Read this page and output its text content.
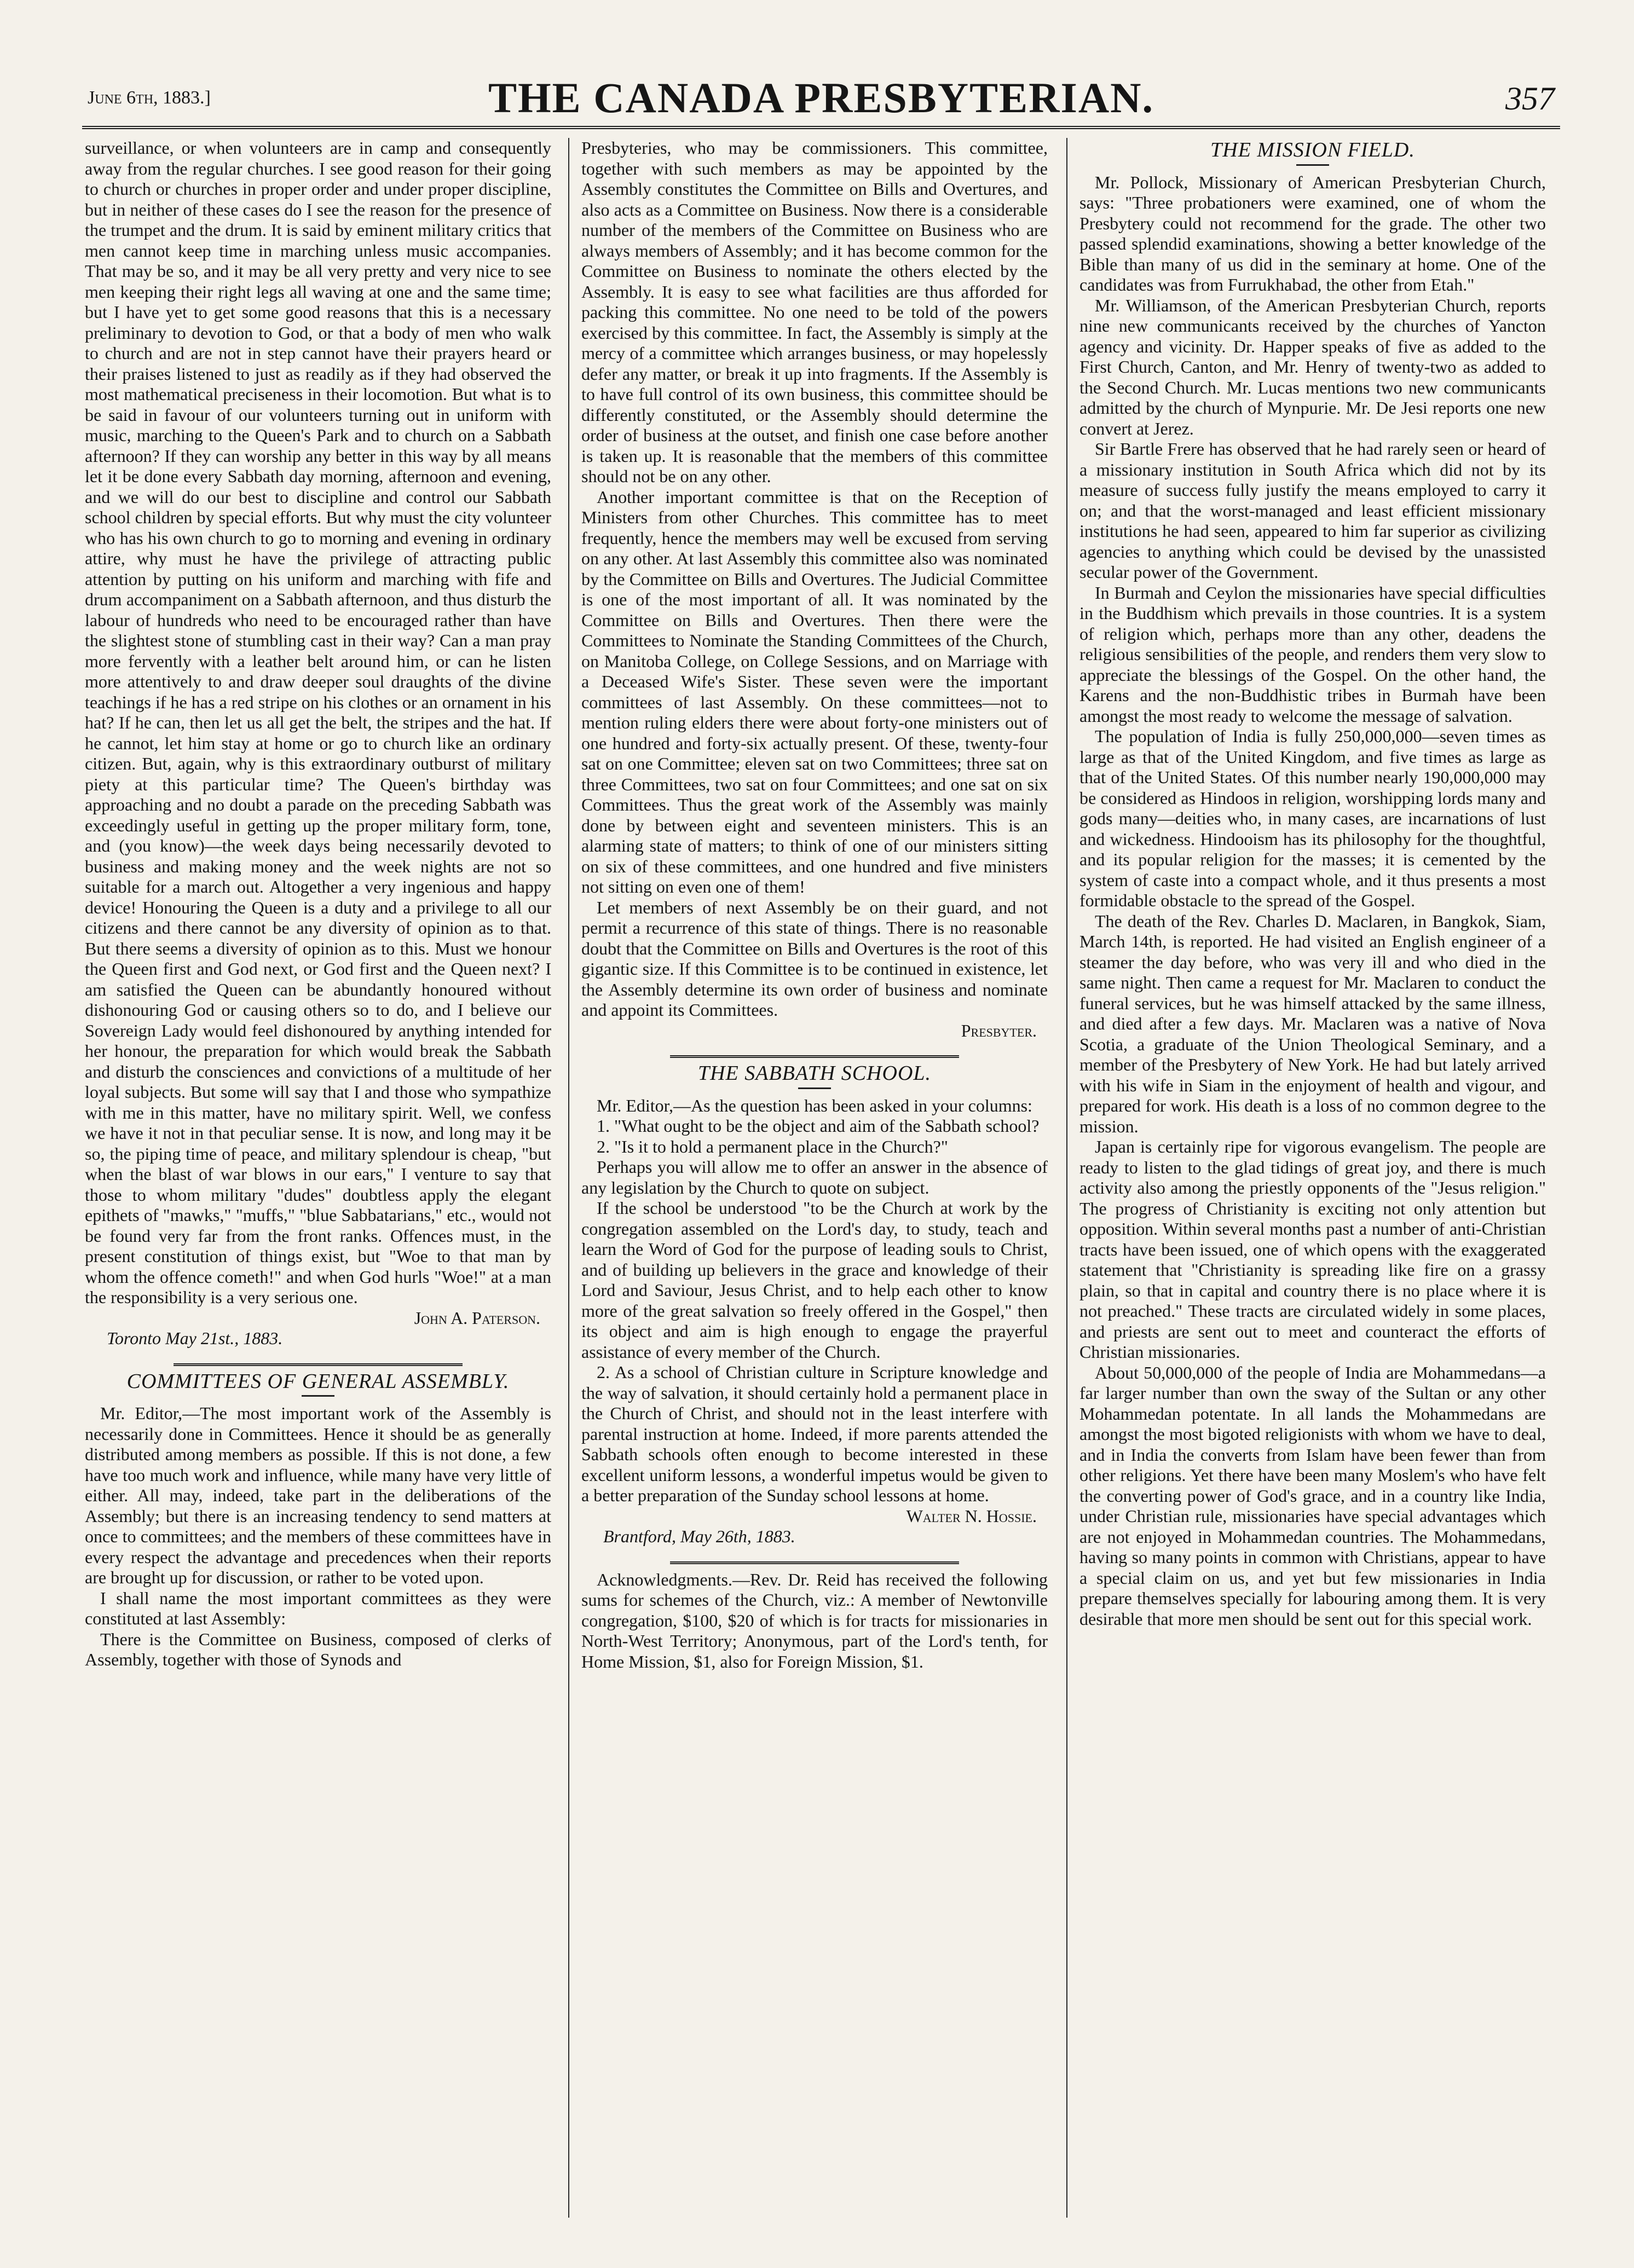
June 6th, 1883.]	THE CANADA PRESBYTERIAN.	357

surveillance, or when volunteers are in camp and consequently away from the regular churches. I see good reason for their going to church or churches in proper order and under proper discipline, but in neither of these cases do I see the reason for the presence of the trumpet and the drum. It is said by eminent military critics that men cannot keep time in marching unless music accompanies. That may be so, and it may be all very pretty and very nice to see men keeping their right legs all waving at one and the same time; but I have yet to get some good reasons that this is a necessary preliminary to devotion to God, or that a body of men who walk to church and are not in step cannot have their prayers heard or their praises listened to just as readily as if they had observed the most mathematical preciseness in their locomotion. But what is to be said in favour of our volunteers turning out in uniform with music, marching to the Queen's Park and to church on a Sabbath afternoon? If they can worship any better in this way by all means let it be done every Sabbath day morning, afternoon and evening, and we will do our best to discipline and control our Sabbath school children by special efforts. But why must the city volunteer who has his own church to go to morning and evening in ordinary attire, why must he have the privilege of attracting public attention by putting on his uniform and marching with fife and drum accompaniment on a Sabbath afternoon, and thus disturb the labour of hundreds who need to be encouraged rather than have the slightest stone of stumbling cast in their way? Can a man pray more fervently with a leather belt around him, or can he listen more attentively to and draw deeper soul draughts of the divine teachings if he has a red stripe on his clothes or an ornament in his hat? If he can, then let us all get the belt, the stripes and the hat. If he cannot, let him stay at home or go to church like an ordinary citizen. But, again, why is this extraordinary outburst of military piety at this particular time? The Queen's birthday was approaching and no doubt a parade on the preceding Sabbath was exceedingly useful in getting up the proper military form, tone, and (you know)—the week days being necessarily devoted to business and making money and the week nights are not so suitable for a march out. Altogether a very ingenious and happy device! Honouring the Queen is a duty and a privilege to all our citizens and there cannot be any diversity of opinion as to that. But there seems a diversity of opinion as to this. Must we honour the Queen first and God next, or God first and the Queen next? I am satisfied the Queen can be abundantly honoured without dishonouring God or causing others so to do, and I believe our Sovereign Lady would feel dishonoured by anything intended for her honour, the preparation for which would break the Sabbath and disturb the consciences and convictions of a multitude of her loyal subjects. But some will say that I and those who sympathize with me in this matter, have no military spirit. Well, we confess we have it not in that peculiar sense. It is now, and long may it be so, the piping time of peace, and military splendour is cheap, "but when the blast of war blows in our ears," I venture to say that those to whom military "dudes" doubtless apply the elegant epithets of "mawks," "muffs," "blue Sabbatarians," etc., would not be found very far from the front ranks. Offences must, in the present constitution of things exist, but "Woe to that man by whom the offence cometh!" and when God hurls "Woe!" at a man the responsibility is a very serious one.

John A. Paterson.
Toronto May 21st., 1883.
COMMITTEES OF GENERAL ASSEMBLY.

Mr. Editor,—The most important work of the Assembly is necessarily done in Committees. Hence it should be as generally distributed among members as possible. If this is not done, a few have too much work and influence, while many have very little of either. All may, indeed, take part in the deliberations of the Assembly; but there is an increasing tendency to send matters at once to committees; and the members of these committees have in every respect the advantage and precedences when their reports are brought up for discussion, or rather to be voted upon.

I shall name the most important committees as they were constituted at last Assembly:

There is the Committee on Business, composed of clerks of Assembly, together with those of Synods and

Presbyteries, who may be commissioners. This committee, together with such members as may be appointed by the Assembly constitutes the Committee on Bills and Overtures, and also acts as a Committee on Business. Now there is a considerable number of the members of the Committee on Business who are always members of Assembly; and it has become common for the Committee on Business to nominate the others elected by the Assembly. It is easy to see what facilities are thus afforded for packing this committee. No one need to be told of the powers exercised by this committee. In fact, the Assembly is simply at the mercy of a committee which arranges business, or may hopelessly defer any matter, or break it up into fragments. If the Assembly is to have full control of its own business, this committee should be differently constituted, or the Assembly should determine the order of business at the outset, and finish one case before another is taken up. It is reasonable that the members of this committee should not be on any other.

Another important committee is that on the Reception of Ministers from other Churches. This committee has to meet frequently, hence the members may well be excused from serving on any other. At last Assembly this committee also was nominated by the Committee on Bills and Overtures. The Judicial Committee is one of the most important of all. It was nominated by the Committee on Bills and Overtures. Then there were the Committees to Nominate the Standing Committees of the Church, on Manitoba College, on College Sessions, and on Marriage with a Deceased Wife's Sister. These seven were the important committees of last Assembly. On these committees—not to mention ruling elders there were about forty-one ministers out of one hundred and forty-six actually present. Of these, twenty-four sat on one Committee; eleven sat on two Committees; three sat on three Committees, two sat on four Committees; and one sat on six Committees. Thus the great work of the Assembly was mainly done by between eight and seventeen ministers. This is an alarming state of matters; to think of one of our ministers sitting on six of these committees, and one hundred and five ministers not sitting on even one of them!

Let members of next Assembly be on their guard, and not permit a recurrence of this state of things. There is no reasonable doubt that the Committee on Bills and Overtures is the root of this gigantic size. If this Committee is to be continued in existence, let the Assembly determine its own order of business and nominate and appoint its Committees.

Presbyter.
THE SABBATH SCHOOL.

Mr. Editor,—As the question has been asked in your columns:

1. "What ought to be the object and aim of the Sabbath school?

2. "Is it to hold a permanent place in the Church?"

Perhaps you will allow me to offer an answer in the absence of any legislation by the Church to quote on subject.

If the school be understood "to be the Church at work by the congregation assembled on the Lord's day, to study, teach and learn the Word of God for the purpose of leading souls to Christ, and of building up believers in the grace and knowledge of their Lord and Saviour, Jesus Christ, and to help each other to know more of the great salvation so freely offered in the Gospel," then its object and aim is high enough to engage the prayerful assistance of every member of the Church.

2. As a school of Christian culture in Scripture knowledge and the way of salvation, it should certainly hold a permanent place in the Church of Christ, and should not in the least interfere with parental instruction at home. Indeed, if more parents attended the Sabbath schools often enough to become interested in these excellent uniform lessons, a wonderful impetus would be given to a better preparation of the Sunday school lessons at home.

Walter N. Hossie.
Brantford, May 26th, 1883.

Acknowledgments.—Rev. Dr. Reid has received the following sums for schemes of the Church, viz.: A member of Newtonville congregation, $100, $20 of which is for tracts for missionaries in North-West Territory; Anonymous, part of the Lord's tenth, for Home Mission, $1, also for Foreign Mission, $1.

THE MISSION FIELD.

Mr. Pollock, Missionary of American Presbyterian Church, says: "Three probationers were examined, one of whom the Presbytery could not recommend for the grade. The other two passed splendid examinations, showing a better knowledge of the Bible than many of us did in the seminary at home. One of the candidates was from Furrukhabad, the other from Etah."

Mr. Williamson, of the American Presbyterian Church, reports nine new communicants received by the churches of Yancton agency and vicinity. Dr. Happer speaks of five as added to the First Church, Canton, and Mr. Henry of twenty-two as added to the Second Church. Mr. Lucas mentions two new communicants admitted by the church of Mynpurie. Mr. De Jesi reports one new convert at Jerez.

Sir Bartle Frere has observed that he had rarely seen or heard of a missionary institution in South Africa which did not by its measure of success fully justify the means employed to carry it on; and that the worst-managed and least efficient missionary institutions he had seen, appeared to him far superior as civilizing agencies to anything which could be devised by the unassisted secular power of the Government.

In Burmah and Ceylon the missionaries have special difficulties in the Buddhism which prevails in those countries. It is a system of religion which, perhaps more than any other, deadens the religious sensibilities of the people, and renders them very slow to appreciate the blessings of the Gospel. On the other hand, the Karens and the non-Buddhistic tribes in Burmah have been amongst the most ready to welcome the message of salvation.

The population of India is fully 250,000,000—seven times as large as that of the United Kingdom, and five times as large as that of the United States. Of this number nearly 190,000,000 may be considered as Hindoos in religion, worshipping lords many and gods many—deities who, in many cases, are incarnations of lust and wickedness. Hindooism has its philosophy for the thoughtful, and its popular religion for the masses; it is cemented by the system of caste into a compact whole, and it thus presents a most formidable obstacle to the spread of the Gospel.

The death of the Rev. Charles D. Maclaren, in Bangkok, Siam, March 14th, is reported. He had visited an English engineer of a steamer the day before, who was very ill and who died in the same night. Then came a request for Mr. Maclaren to conduct the funeral services, but he was himself attacked by the same illness, and died after a few days. Mr. Maclaren was a native of Nova Scotia, a graduate of the Union Theological Seminary, and a member of the Presbytery of New York. He had but lately arrived with his wife in Siam in the enjoyment of health and vigour, and prepared for work. His death is a loss of no common degree to the mission.

Japan is certainly ripe for vigorous evangelism. The people are ready to listen to the glad tidings of great joy, and there is much activity also among the priestly opponents of the "Jesus religion." The progress of Christianity is exciting not only attention but opposition. Within several months past a number of anti-Christian tracts have been issued, one of which opens with the exaggerated statement that "Christianity is spreading like fire on a grassy plain, so that in capital and country there is no place where it is not preached." These tracts are circulated widely in some places, and priests are sent out to meet and counteract the efforts of Christian missionaries.

About 50,000,000 of the people of India are Mohammedans—a far larger number than own the sway of the Sultan or any other Mohammedan potentate. In all lands the Mohammedans are amongst the most bigoted religionists with whom we have to deal, and in India the converts from Islam have been fewer than from other religions. Yet there have been many Moslem's who have felt the converting power of God's grace, and in a country like India, under Christian rule, missionaries have special advantages which are not enjoyed in Mohammedan countries. The Mohammedans, having so many points in common with Christians, appear to have a special claim on us, and yet but few missionaries in India prepare themselves specially for labouring among them. It is very desirable that more men should be sent out for this special work.
